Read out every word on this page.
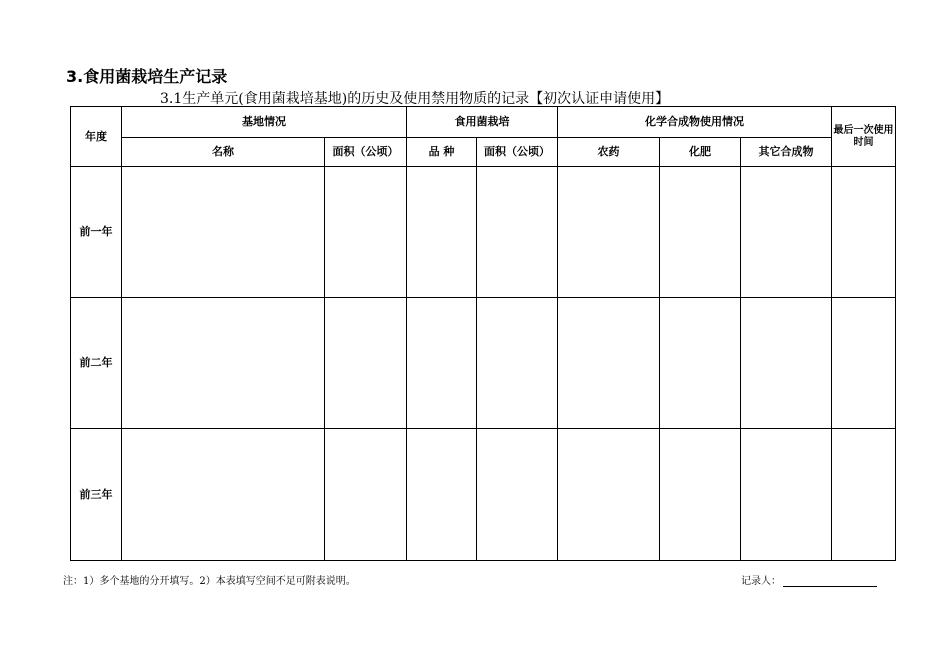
3.食用菌栽培生产记录
3.1生产单元(食用菌栽培基地)的历史及使用禁用物质的记录【初次认证申请使用】
年度	基地情况		食用菌栽培		化学合成物使用情况			最后一次使用时间
	名称	面积（公顷）	品 种	面积（公顷）	农药	化肥	其它合成物	
前一年								
前二年								
前三年								
注：1）多个基地的分开填写。2）本表填写空间不足可附表说明。	记录人：
